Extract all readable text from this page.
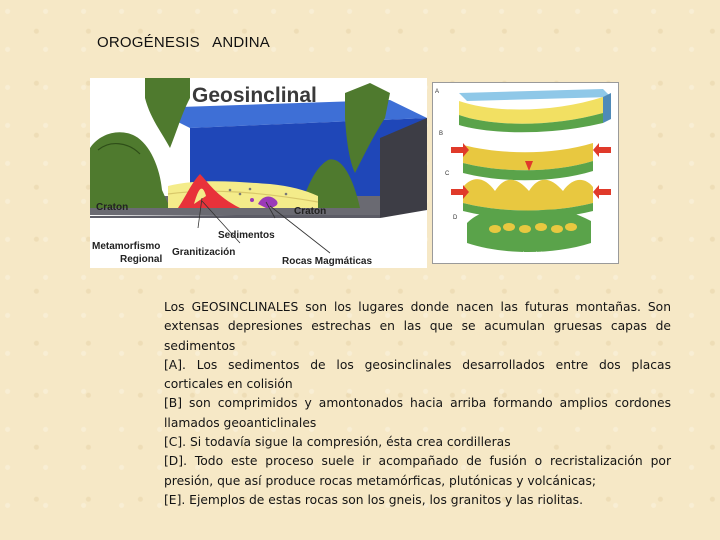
OROGÉNESIS   ANDINA
Geosinclinal
Craton	Craton
Sedimentos
Metamorfismo
Regional
Granitización
Rocas Magmáticas
A
B
C
D
sobrehistoria.com

Los GEOSINCLINALES son los lugares donde nacen las futuras montañas. Son extensas depresiones estrechas en las que se acumulan gruesas capas de sedimentos

[A]. Los sedimentos de los geosinclinales desarrollados entre dos placas corticales en colisión

[B] son comprimidos y amontonados hacia arriba formando amplios cordones llamados geoanticlinales

[C]. Si todavía sigue la compresión, ésta crea cordilleras

[D]. Todo este proceso suele ir acompañado de fusión o recristalización por presión, que así produce rocas metamórficas, plutónicas y volcánicas;

[E]. Ejemplos de estas rocas son los gneis, los granitos y las riolitas.
